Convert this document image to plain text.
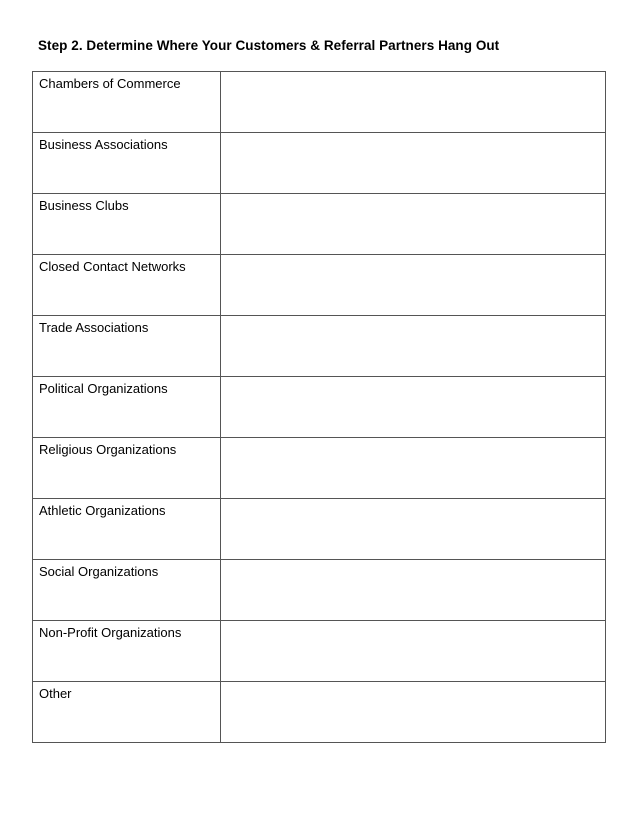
Step 2. Determine Where Your Customers & Referral Partners Hang Out
Chambers of Commerce	

Business Associations	

Business Clubs	

Closed Contact Networks	

Trade Associations	

Political Organizations	

Religious Organizations	

Athletic Organizations	

Social Organizations	

Non-Profit Organizations	

Other	
